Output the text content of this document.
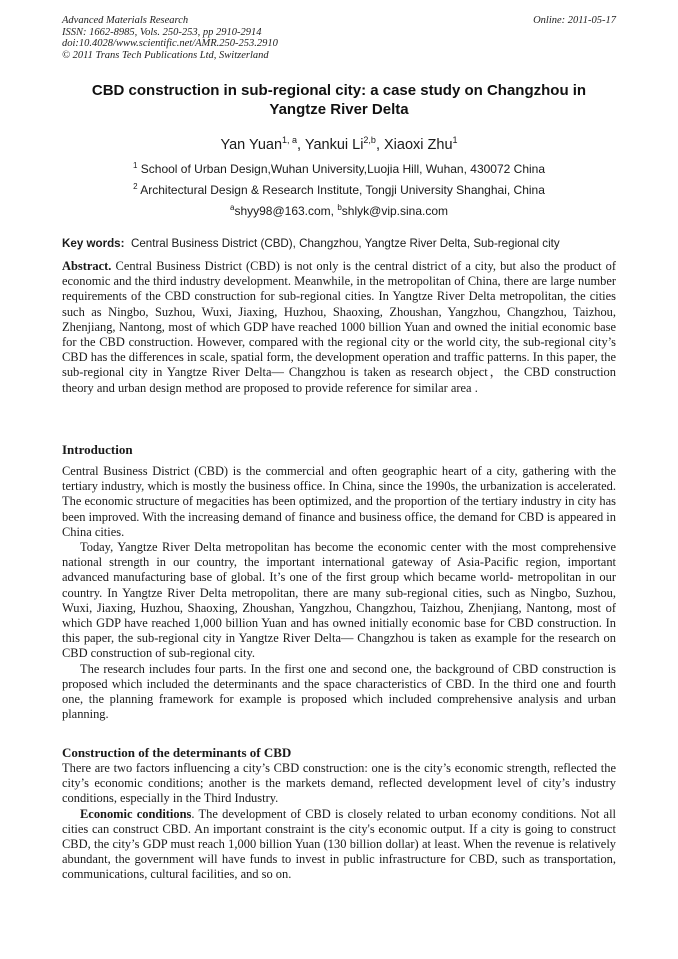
Advanced Materials Research
ISSN: 1662-8985, Vols. 250-253, pp 2910-2914
doi:10.4028/www.scientific.net/AMR.250-253.2910
© 2011 Trans Tech Publications Ltd, Switzerland
Online: 2011-05-17
CBD construction in sub-regional city: a case study on Changzhou in Yangtze River Delta
Yan Yuan$^{1, a}$, Yankui Li$^{2,b}$, Xiaoxi Zhu$^1$
$^1$ School of Urban Design,Wuhan University,Luojia Hill, Wuhan, 430072 China
$^2$ Architectural Design & Research Institute, Tongji University Shanghai, China
$^a$shyy98@163.com, $^b$shlyk@vip.sina.com
Key words: Central Business District (CBD), Changzhou, Yangtze River Delta, Sub-regional city

Abstract. Central Business District (CBD) is not only is the central district of a city, but also the product of economic and the third industry development. Meanwhile, in the metropolitan of China, there are large number requirements of the CBD construction for sub-regional cities. In Yangtze River Delta metropolitan, the cities such as Ningbo, Suzhou, Wuxi, Jiaxing, Huzhou, Shaoxing, Zhoushan, Yangzhou, Changzhou, Taizhou, Zhenjiang, Nantong, most of which GDP have reached 1000 billion Yuan and owned the initial economic base for the CBD construction. However, compared with the regional city or the world city, the sub-regional city’s CBD has the differences in scale, spatial form, the development operation and traffic patterns. In this paper, the sub-regional city in Yangtze River Delta— Changzhou is taken as research object，the CBD construction theory and urban design method are proposed to provide reference for similar area .

Introduction

Central Business District (CBD) is the commercial and often geographic heart of a city, gathering with the tertiary industry, which is mostly the business office. In China, since the 1990s, the urbanization is accelerated. The economic structure of megacities has been optimized, and the proportion of the tertiary industry in city has been improved. With the increasing demand of finance and business office, the demand for CBD is appeared in China cities.

Today, Yangtze River Delta metropolitan has become the economic center with the most comprehensive national strength in our country, the important international gateway of Asia-Pacific region, important advanced manufacturing base of global. It’s one of the first group which became world- metropolitan in our country. In Yangtze River Delta metropolitan, there are many sub-regional cities, such as Ningbo, Suzhou, Wuxi, Jiaxing, Huzhou, Shaoxing, Zhoushan, Yangzhou, Changzhou, Taizhou, Zhenjiang, Nantong, most of which GDP have reached 1,000 billion Yuan and has owned initially economic base for CBD construction. In this paper, the sub-regional city in Yangtze River Delta— Changzhou is taken as example for the research on CBD construction of sub-regional city.

The research includes four parts. In the first one and second one, the background of CBD construction is proposed which included the determinants and the space characteristics of CBD. In the third one and fourth one, the planning framework for example is proposed which included comprehensive analysis and urban planning.

Construction of the determinants of CBD

There are two factors influencing a city’s CBD construction: one is the city’s economic strength, reflected the city’s economic conditions; another is the markets demand, reflected development level of city’s industry conditions, especially in the Third Industry.

Economic conditions. The development of CBD is closely related to urban economy conditions. Not all cities can construct CBD. An important constraint is the city's economic output. If a city is going to construct CBD, the city’s GDP must reach 1,000 billion Yuan (130 billion dollar) at least. When the revenue is relatively abundant, the government will have funds to invest in public infrastructure for CBD, such as transportation, communications, cultural facilities, and so on.
